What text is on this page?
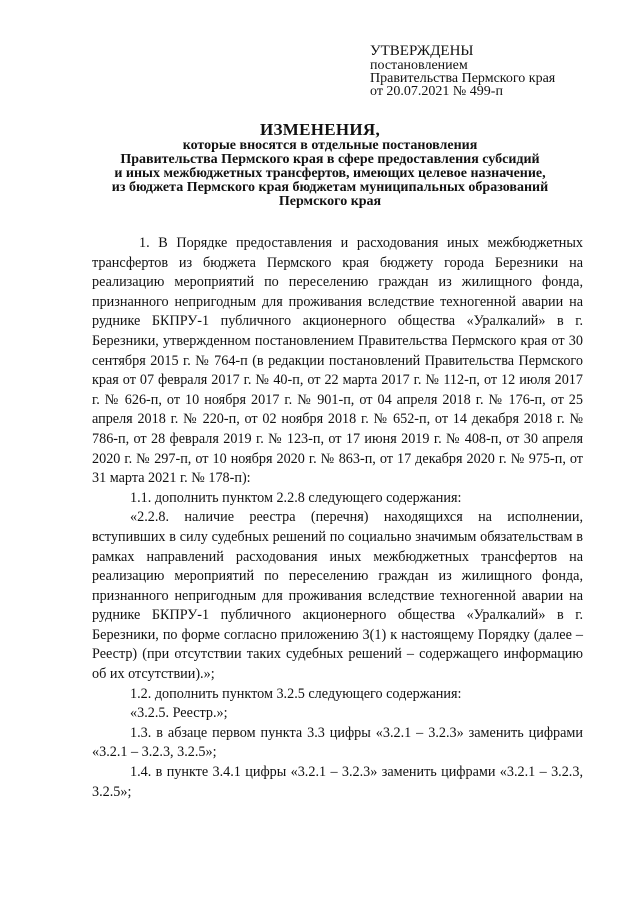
УТВЕРЖДЕНЫ
постановлением
Правительства Пермского края
от 20.07.2021 № 499-п
ИЗМЕНЕНИЯ,
которые вносятся в отдельные постановления
Правительства Пермского края в сфере предоставления субсидий
и иных межбюджетных трансфертов, имеющих целевое назначение,
из бюджета Пермского края бюджетам муниципальных образований
Пермского края

1. В Порядке предоставления и расходования иных межбюджетных трансфертов из бюджета Пермского края бюджету города Березники на реализацию мероприятий по переселению граждан из жилищного фонда, признанного непригодным для проживания вследствие техногенной аварии на руднике БКПРУ-1 публичного акционерного общества «Уралкалий» в г. Березники, утвержденном постановлением Правительства Пермского края от 30 сентября 2015 г. № 764-п (в редакции постановлений Правительства Пермского края от 07 февраля 2017 г. № 40-п, от 22 марта 2017 г. № 112-п, от 12 июля 2017 г. № 626-п, от 10 ноября 2017 г. № 901-п, от 04 апреля 2018 г. № 176-п, от 25 апреля 2018 г. № 220-п, от 02 ноября 2018 г. № 652-п, от 14 декабря 2018 г. № 786-п, от 28 февраля 2019 г. № 123-п, от 17 июня 2019 г. № 408-п, от 30 апреля 2020 г. № 297-п, от 10 ноября 2020 г. № 863-п, от 17 декабря 2020 г. № 975-п, от 31 марта 2021 г. № 178-п):

1.1. дополнить пунктом 2.2.8 следующего содержания:

«2.2.8. наличие реестра (перечня) находящихся на исполнении, вступивших в силу судебных решений по социально значимым обязательствам в рамках направлений расходования иных межбюджетных трансфертов на реализацию мероприятий по переселению граждан из жилищного фонда, признанного непригодным для проживания вследствие техногенной аварии на руднике БКПРУ-1 публичного акционерного общества «Уралкалий» в г. Березники, по форме согласно приложению 3(1) к настоящему Порядку (далее – Реестр) (при отсутствии таких судебных решений – содержащего информацию об их отсутствии).»;

1.2. дополнить пунктом 3.2.5 следующего содержания:

«3.2.5. Реестр.»;

1.3. в абзаце первом пункта 3.3 цифры «3.2.1 – 3.2.3» заменить цифрами «3.2.1 – 3.2.3, 3.2.5»;

1.4. в пункте 3.4.1 цифры «3.2.1 – 3.2.3» заменить цифрами «3.2.1 – 3.2.3, 3.2.5»;
